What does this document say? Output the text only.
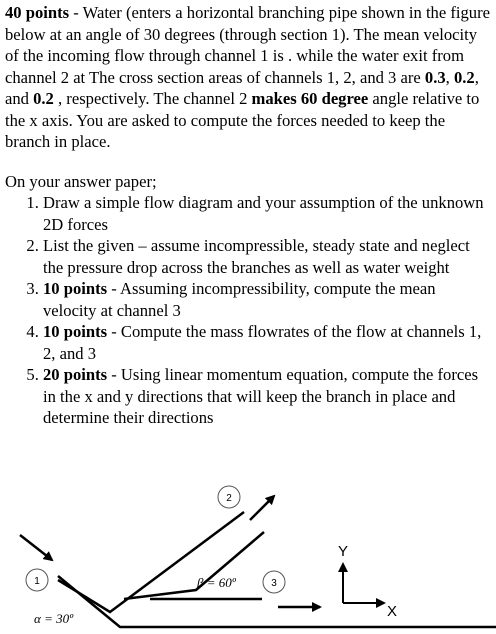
40 points - Water (enters a horizontal branching pipe shown in the figure below at an angle of 30 degrees (through section 1). The mean velocity of the incoming flow through channel 1 is . while the water exit from channel 2 at The cross section areas of channels 1, 2, and 3 are 0.3, 0.2, and 0.2 , respectively. The channel 2 makes 60 degree angle relative to the x axis. You are asked to compute the forces needed to keep the branch in place.

On your answer paper;

1. Draw a simple flow diagram and your assumption of the unknown 2D forces
2. List the given – assume incompressible, steady state and neglect the pressure drop across the branches as well as water weight
3. 10 points - Assuming incompressibility, compute the mean velocity at channel 3
4. 10 points - Compute the mass flowrates of the flow at channels 1, 2, and 3
5. 20 points - Using linear momentum equation, compute the forces in the x and y directions that will keep the branch in place and determine their directions
1
2
3
α = 30º
β = 60º
Y
X
